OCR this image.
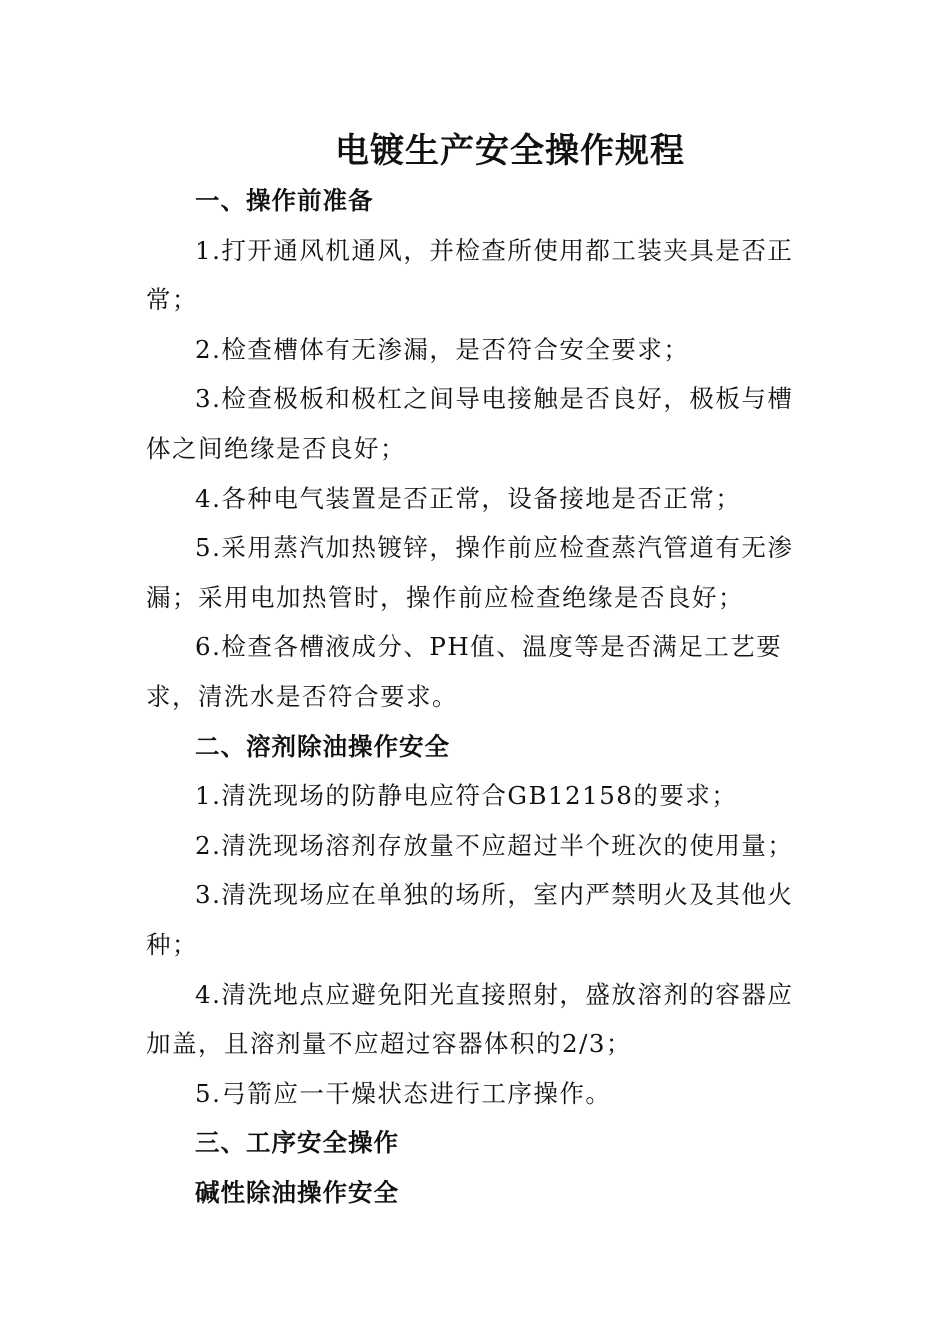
电镀生产安全操作规程

一、操作前准备

1.打开通风机通风，并检查所使用都工装夹具是否正常；

2.检查槽体有无渗漏，是否符合安全要求；

3.检查极板和极杠之间导电接触是否良好，极板与槽体之间绝缘是否良好；

4.各种电气装置是否正常，设备接地是否正常；

5.采用蒸汽加热镀锌，操作前应检查蒸汽管道有无渗漏；采用电加热管时，操作前应检查绝缘是否良好；

6.检查各槽液成分、PH值、温度等是否满足工艺要求，清洗水是否符合要求。

二、溶剂除油操作安全

1.清洗现场的防静电应符合GB12158的要求；

2.清洗现场溶剂存放量不应超过半个班次的使用量；

3.清洗现场应在单独的场所，室内严禁明火及其他火种；

4.清洗地点应避免阳光直接照射，盛放溶剂的容器应加盖，且溶剂量不应超过容器体积的2/3；

5.弓箭应一干燥状态进行工序操作。

三、工序安全操作

碱性除油操作安全
